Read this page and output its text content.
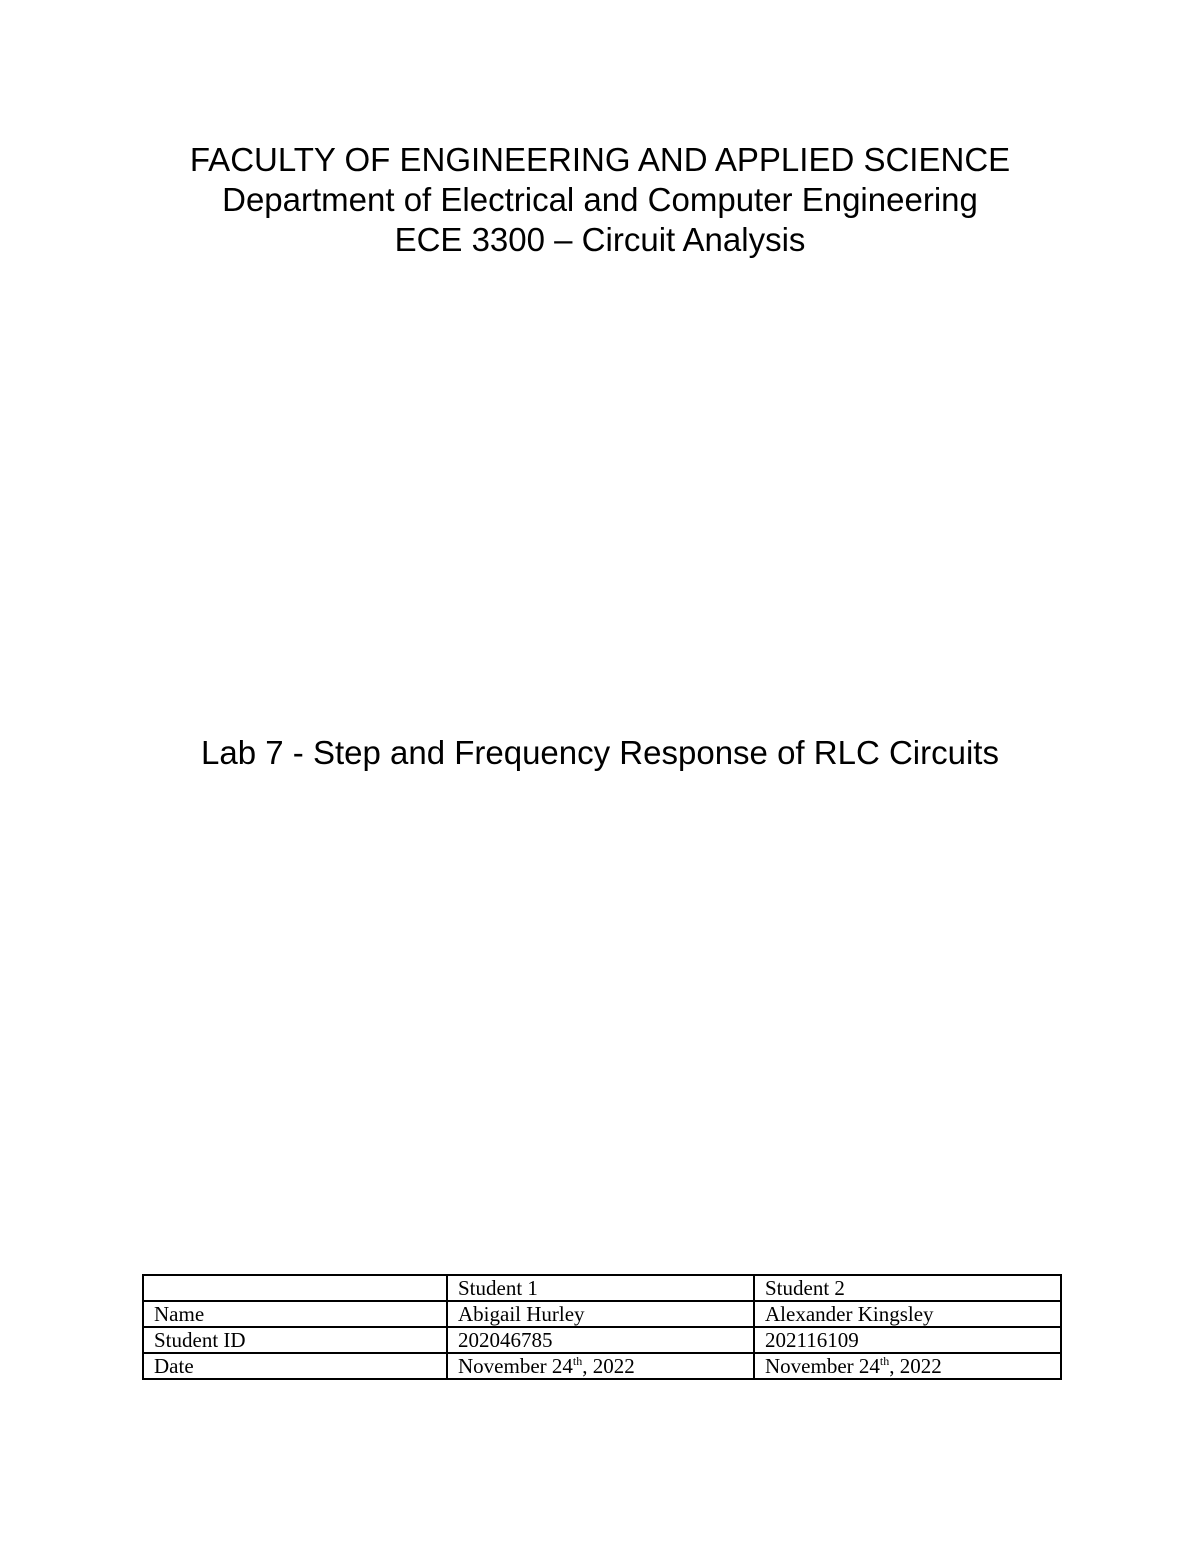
FACULTY OF ENGINEERING AND APPLIED SCIENCE
Department of Electrical and Computer Engineering
ECE 3300 – Circuit Analysis
Lab 7 - Step and Frequency Response of RLC Circuits
	Student 1	Student 2
Name	Abigail Hurley	Alexander Kingsley
Student ID	202046785	202116109
Date	November 24th, 2022	November 24th, 2022
